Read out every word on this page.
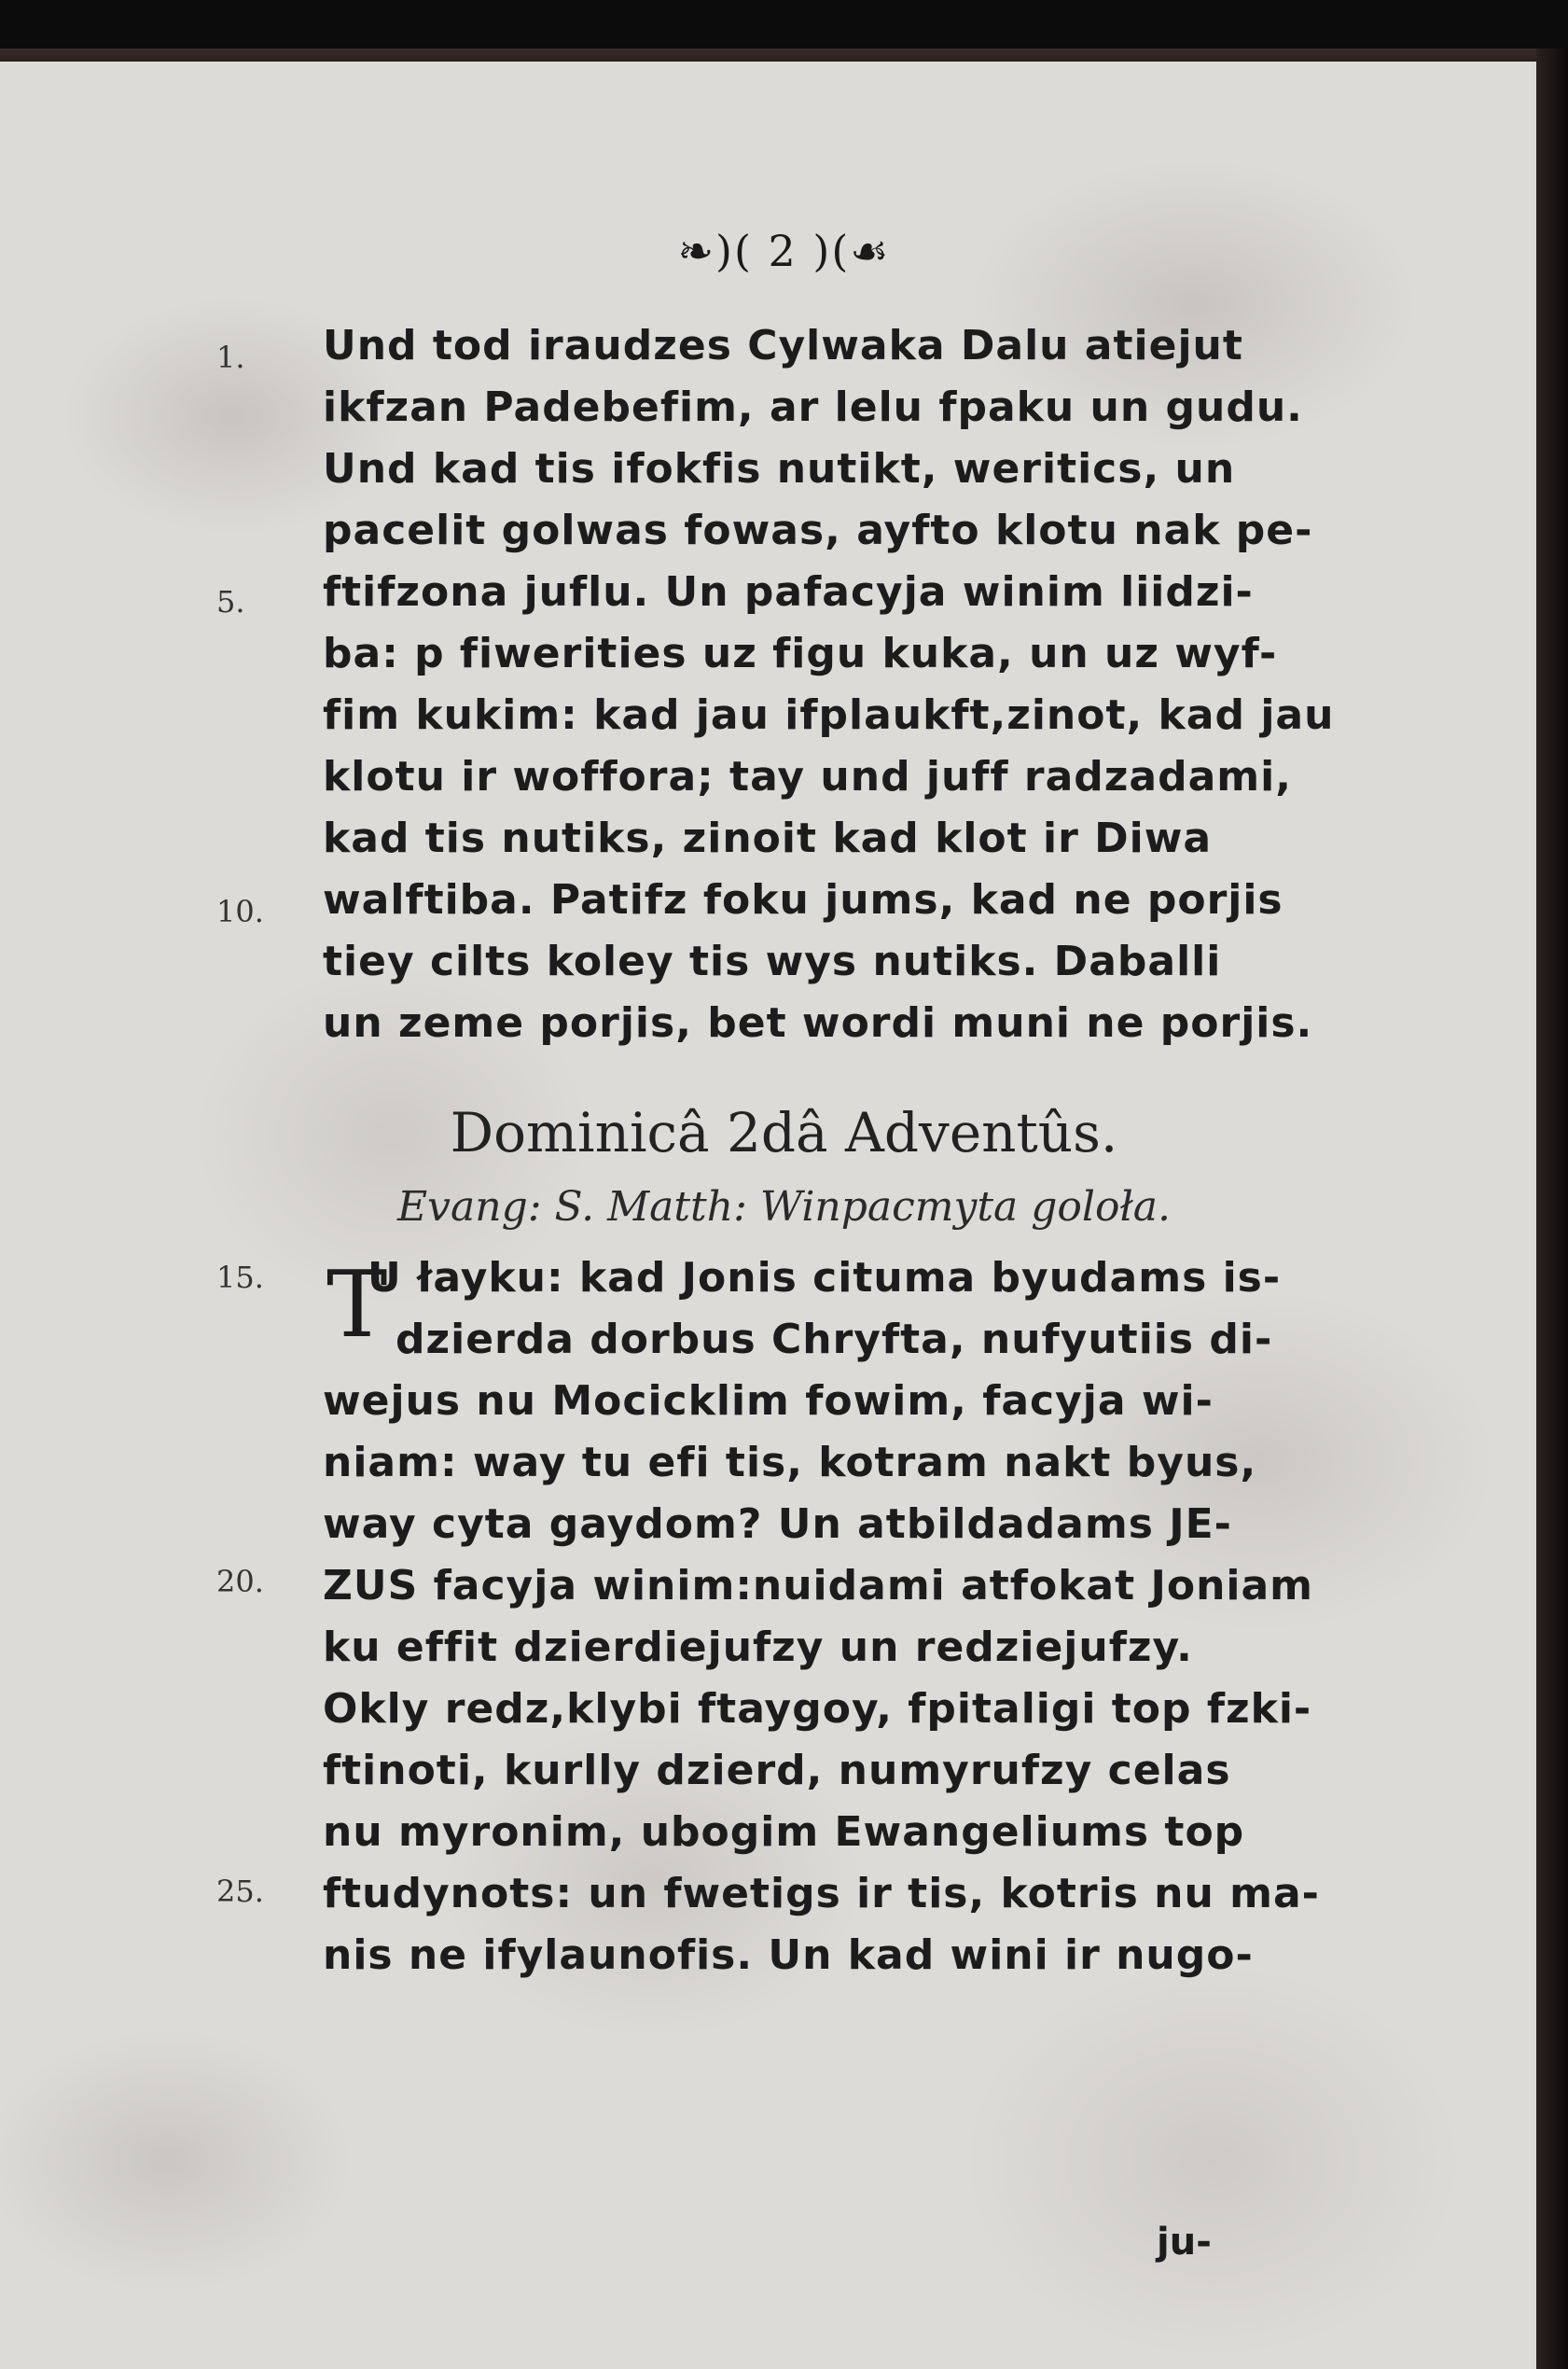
❧)( 2 )(☙
1.
5.
10.
15.
20.
25.
Und tod iraudzes Cylwaka Dalu atiejut
ikfzan Padebefim, ar lelu fpaku un gudu.
Und kad tis ifokfis nutikt, weritics, un
pacelit golwas fowas, ayfto klotu nak pe-
ftifzona juflu. Un pafacyja winim liidzi-
ba: p fiwerities uz figu kuka, un uz wyf-
fim kukim: kad jau ifplaukft,zinot, kad jau
klotu ir woffora; tay und juff radzadami,
kad tis nutiks, zinoit kad klot ir Diwa
walftiba. Patifz foku jums, kad ne porjis
tiey cilts koley tis wys nutiks. Daballi
un zeme porjis, bet wordi muni ne porjis.
Dominicâ 2dâ Adventûs.
Evang: S. Matth: Winpacmyta goloła.
T
U łayku: kad Jonis citumа byudams is-
dzierda dorbus Chryfta, nufyutiis di-
wejus nu Mocicklim fowim, facyja wi-
niam: way tu efi tis, kotram nakt byus,
way cyta gaydom? Un atbildadams JE-
ZUS facyja winim:nuidami atfokat Joniam
ku effit dzierdiejufzy un redziejufzy.
Okly redz,klybi ftaygoy, fpitaligi top fzki-
ftinoti, kurlly dzierd, numyrufzy celas
nu myronim, ubogim Ewangeliums top
ftudynots: un fwetigs ir tis, kotris nu ma-
nis ne ifylaunofis. Un kad wini ir nugo-
ju-
